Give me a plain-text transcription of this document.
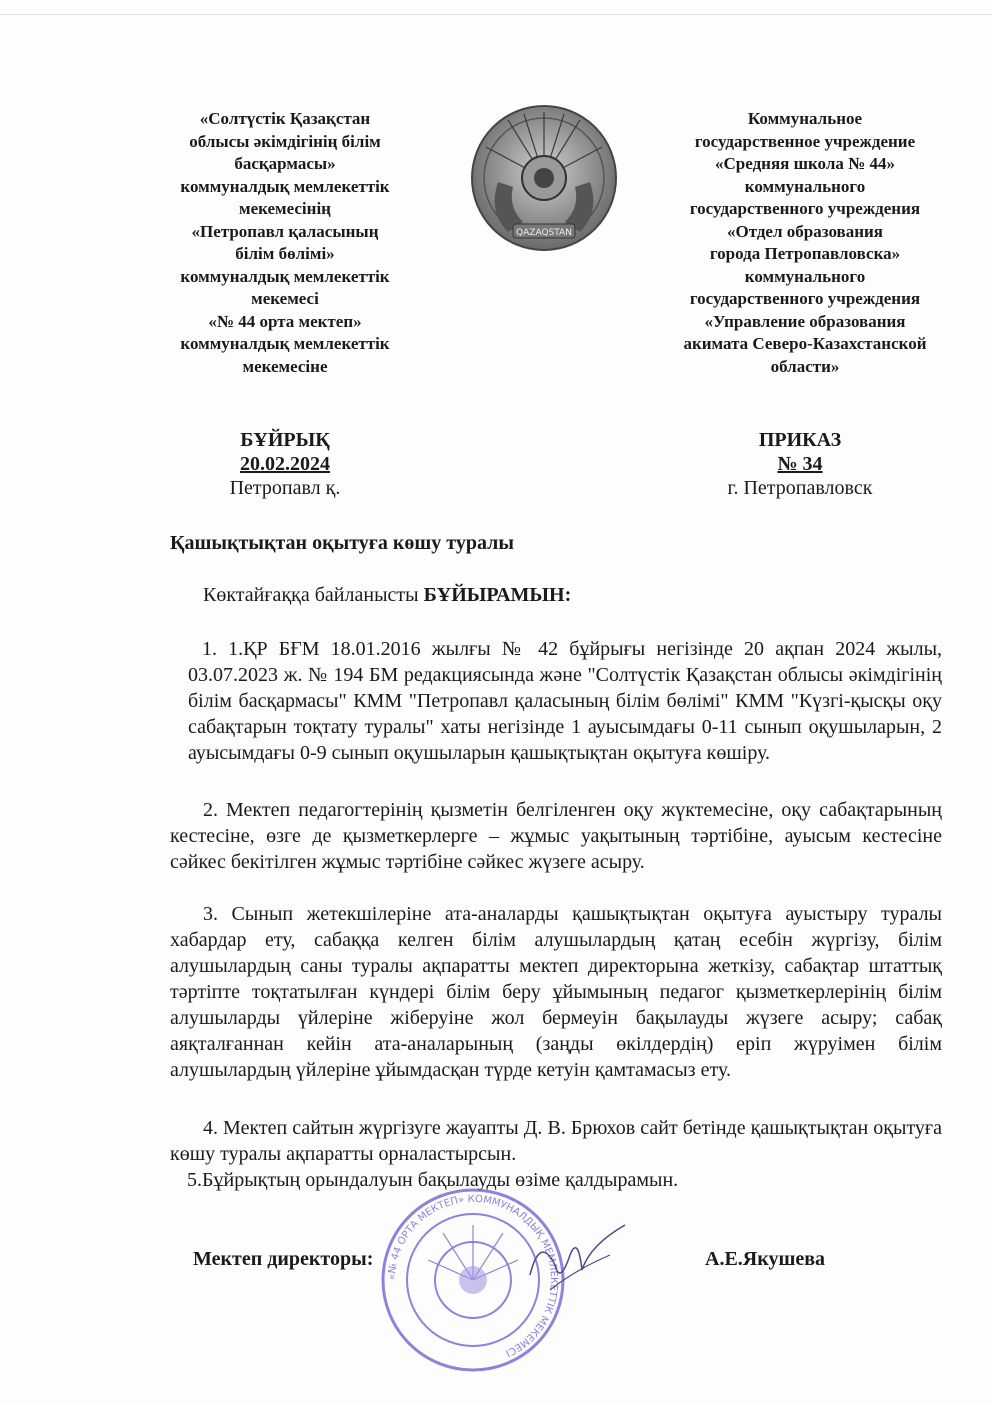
«Солтүстік Қазақстан
облысы әкімдігінің білім
басқармасы»
коммуналдық мемлекеттік
мекемесінің
«Петропавл қаласының
білім бөлімі»
коммуналдық мемлекеттік
мекемесі
«№ 44 орта мектеп»
коммуналдық мемлекеттік
мекемесіне
Коммунальное
государственное учреждение
«Средняя школа № 44»
коммунального
государственного учреждения
«Отдел образования
города Петропавловска»
коммунального
государственного учреждения
«Управление образования
акимата Северо-Казахстанской
области»
QAZAQSTAN
БҰЙРЫҚ
20.02.2024
Петропавл қ.
ПРИКАЗ
№ 34
г. Петропавловск
Қашықтықтан оқытуға көшу туралы
Көктайғаққа байланысты БҰЙЫРАМЫН:
1. 1.ҚР БҒМ 18.01.2016 жылғы № 42 бұйрығы негізінде 20 ақпан 2024 жылы, 03.07.2023 ж. № 194 БМ редакциясында және "Солтүстік Қазақстан облысы әкімдігінің білім басқармасы" КММ "Петропавл қаласының білім бөлімі" КММ "Күзгі-қысқы оқу сабақтарын тоқтату туралы" хаты негізінде 1 ауысымдағы 0-11 сынып оқушыларын, 2 ауысымдағы 0-9 сынып оқушыларын қашықтықтан оқытуға көшіру.
2. Мектеп педагогтерінің қызметін белгіленген оқу жүктемесіне, оқу сабақтарының кестесіне, өзге де қызметкерлерге – жұмыс уақытының тәртібіне, ауысым кестесіне сәйкес бекітілген жұмыс тәртібіне сәйкес жүзеге асыру.
3. Сынып жетекшілеріне ата-аналарды қашықтықтан оқытуға ауыстыру туралы хабардар ету, сабаққа келген білім алушылардың қатаң есебін жүргізу, білім алушылардың саны туралы ақпаратты мектеп директорына жеткізу, сабақтар штаттық тәртіпте тоқтатылған күндері білім беру ұйымының педагог қызметкерлерінің білім алушыларды үйлеріне жіберуіне жол бермеуін бақылауды жүзеге асыру; сабақ аяқталғаннан кейін ата-аналарының (заңды өкілдердің) еріп жүруімен білім алушылардың үйлеріне ұйымдасқан түрде кетуін қамтамасыз ету.
4. Мектеп сайтын жүргізуге жауапты Д. В. Брюхов сайт бетінде қашықтықтан оқытуға көшу туралы ақпаратты орналастырсын.
5.Бұйрықтың орындалуын бақылауды өзіме қалдырамын.
«№ 44 ОРТА МЕКТЕП» КОММУНАЛДЫҚ МЕМЛЕКЕТТІК МЕКЕМЕСІ
Мектеп директоры:	А.Е.Якушева
